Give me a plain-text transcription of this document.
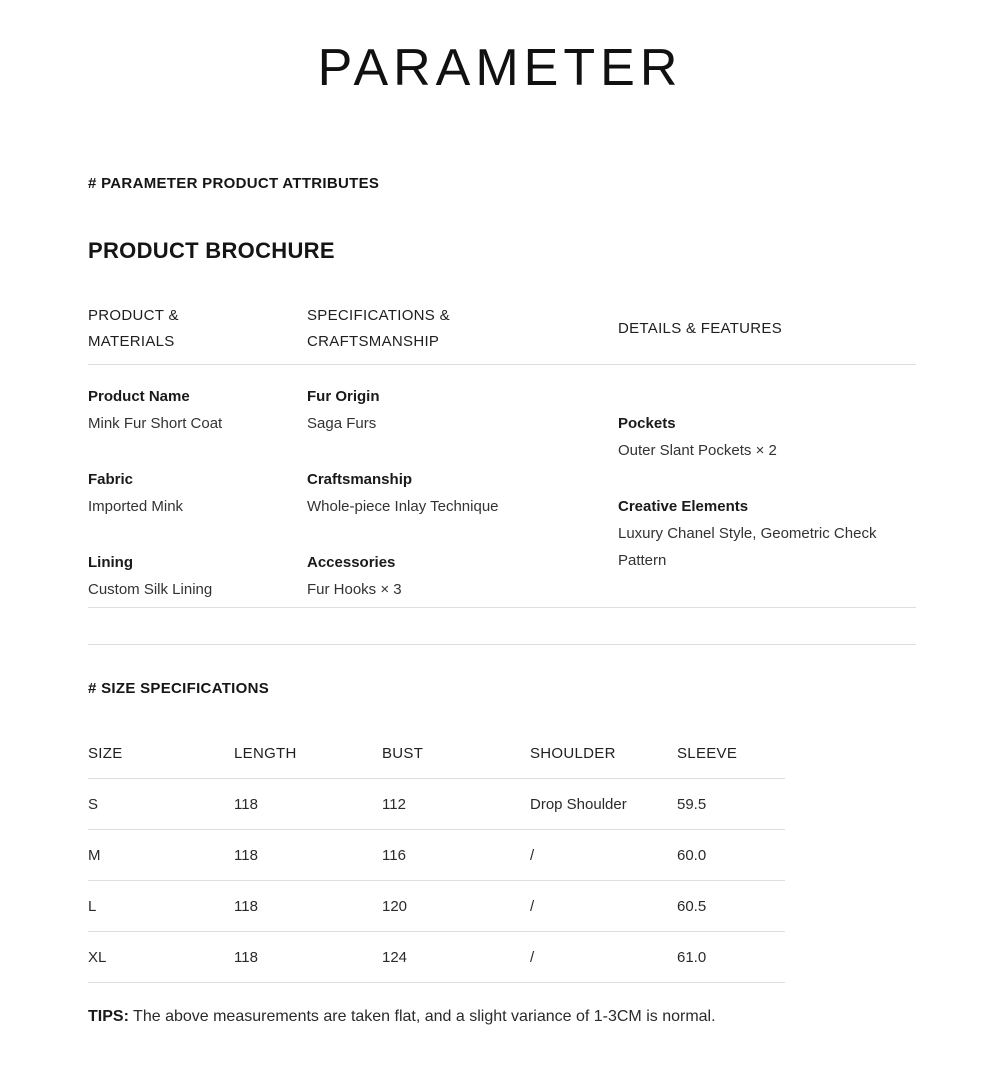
PARAMETER
# PARAMETER PRODUCT ATTRIBUTES
PRODUCT BROCHURE
PRODUCT & MATERIALS
SPECIFICATIONS & CRAFTSMANSHIP
DETAILS & FEATURES
Product Name
Mink Fur Short Coat
Fabric
Imported Mink
Lining
Custom Silk Lining
Fur Origin
Saga Furs
Craftsmanship
Whole-piece Inlay Technique
Accessories
Fur Hooks × 3
Pockets
Outer Slant Pockets × 2
Creative Elements
Luxury Chanel Style, Geometric Check Pattern
# SIZE SPECIFICATIONS
SIZE	LENGTH	BUST	SHOULDER	SLEEVE
S	118	112	Drop Shoulder	59.5
M	118	116	/	60.0
L	118	120	/	60.5
XL	118	124	/	61.0

TIPS: The above measurements are taken flat, and a slight variance of 1-3CM is normal.
